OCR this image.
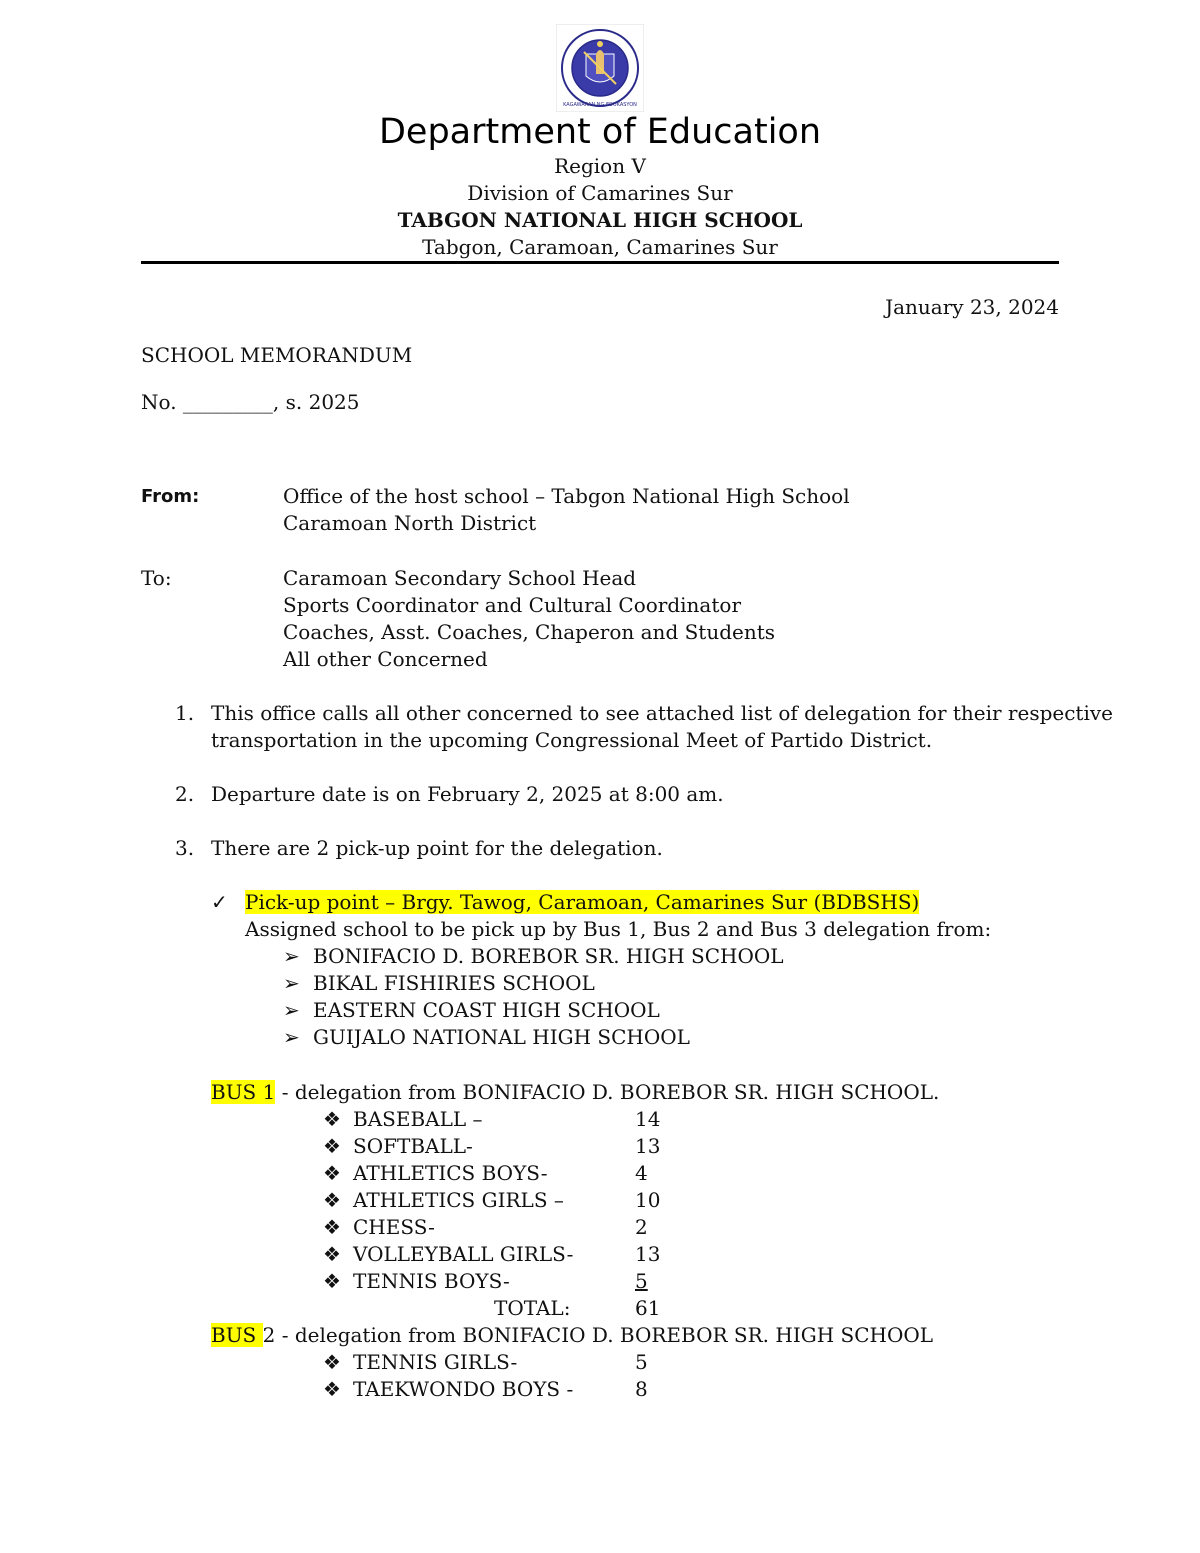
KAGAWARAN NG EDUKASYON
Department of Education
Region V
Division of Camarines Sur
TABGON NATIONAL HIGH SCHOOL
Tabgon, Caramoan, Camarines Sur
January 23, 2024
SCHOOL MEMORANDUM
No. _________, s. 2025
From:	Office of the host school – Tabgon National High School
Caramoan North District
To:	Caramoan Secondary School Head
Sports Coordinator and Cultural Coordinator
Coaches, Asst. Coaches, Chaperon and Students
All other Concerned
1. This office calls all other concerned to see attached list of delegation for their respective
transportation in the upcoming Congressional Meet of Partido District.
2. Departure date is on February 2, 2025 at 8:00 am.
3. There are 2 pick-up point for the delegation.
✓ Pick-up point – Brgy. Tawog, Caramoan, Camarines Sur (BDBSHS)
Assigned school to be pick up by Bus 1, Bus 2 and Bus 3 delegation from:
➢ BONIFACIO D. BOREBOR SR. HIGH SCHOOL
➢ BIKAL FISHIRIES SCHOOL
➢ EASTERN COAST HIGH SCHOOL
➢ GUIJALO NATIONAL HIGH SCHOOL
BUS 1 - delegation from BONIFACIO D. BOREBOR SR. HIGH SCHOOL.
❖ BASEBALL –	14
❖ SOFTBALL-	13
❖ ATHLETICS BOYS-	4
❖ ATHLETICS GIRLS –	10
❖ CHESS-	2
❖ VOLLEYBALL GIRLS-	13
❖ TENNIS BOYS-	5
TOTAL:	61
BUS 2 - delegation from BONIFACIO D. BOREBOR SR. HIGH SCHOOL
❖ TENNIS GIRLS-	5
❖ TAEKWONDO BOYS -	8
